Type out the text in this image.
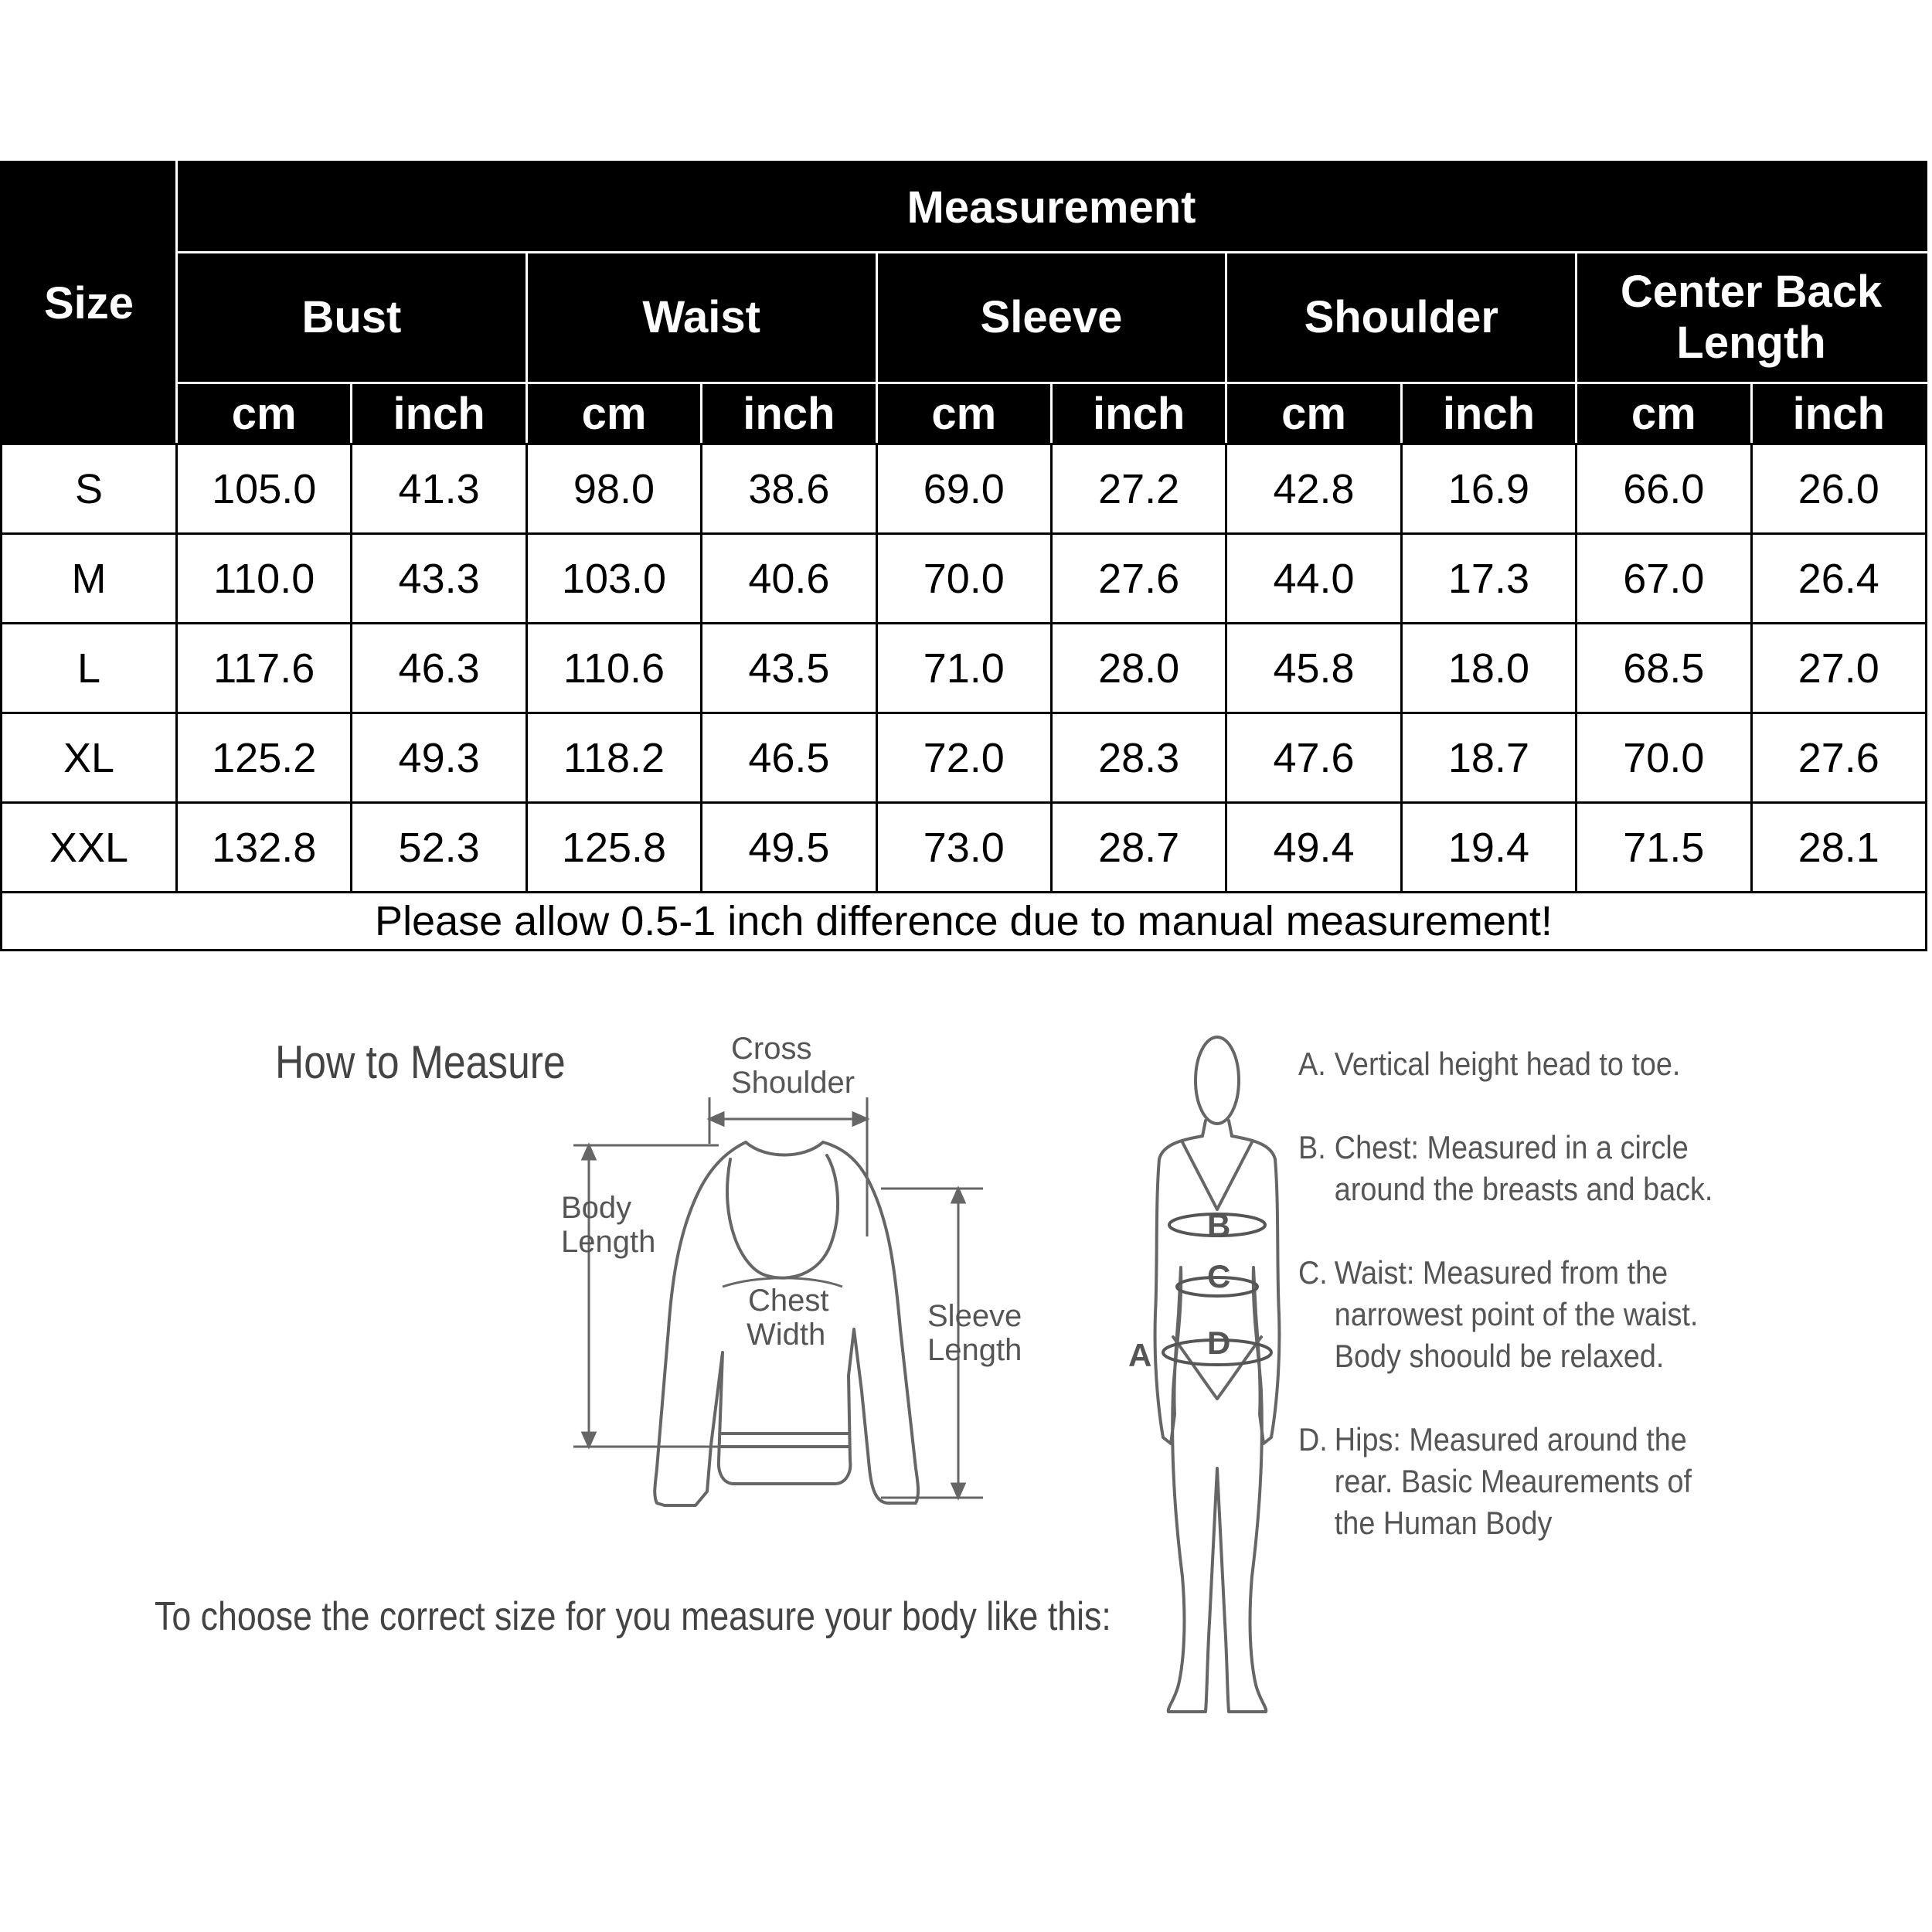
Size	Measurement									
	Bust		Waist		Sleeve		Shoulder		Center Back Length	
	cm	inch	cm	inch	cm	inch	cm	inch	cm	inch
S	105.0	41.3	98.0	38.6	69.0	27.2	42.8	16.9	66.0	26.0
M	110.0	43.3	103.0	40.6	70.0	27.6	44.0	17.3	67.0	26.4
L	117.6	46.3	110.6	43.5	71.0	28.0	45.8	18.0	68.5	27.0
XL	125.2	49.3	118.2	46.5	72.0	28.3	47.6	18.7	70.0	27.6
XXL	132.8	52.3	125.8	49.5	73.0	28.7	49.4	19.4	71.5	28.1
Please allow 0.5-1 inch difference due to manual measurement!										
How to Measure
To choose the correct size for you measure your body like this:
Cross
Shoulder
Body
Length
Chest
Width
Sleeve
Length	A
B
C
D
A. Vertical height head to toe.
B. Chest: Measured in a circle around the breasts and back.
C. Waist: Measured from the narrowest point of the waist. Body shoould be relaxed.
D. Hips: Measured around the rear. Basic Meaurements of the Human Body
